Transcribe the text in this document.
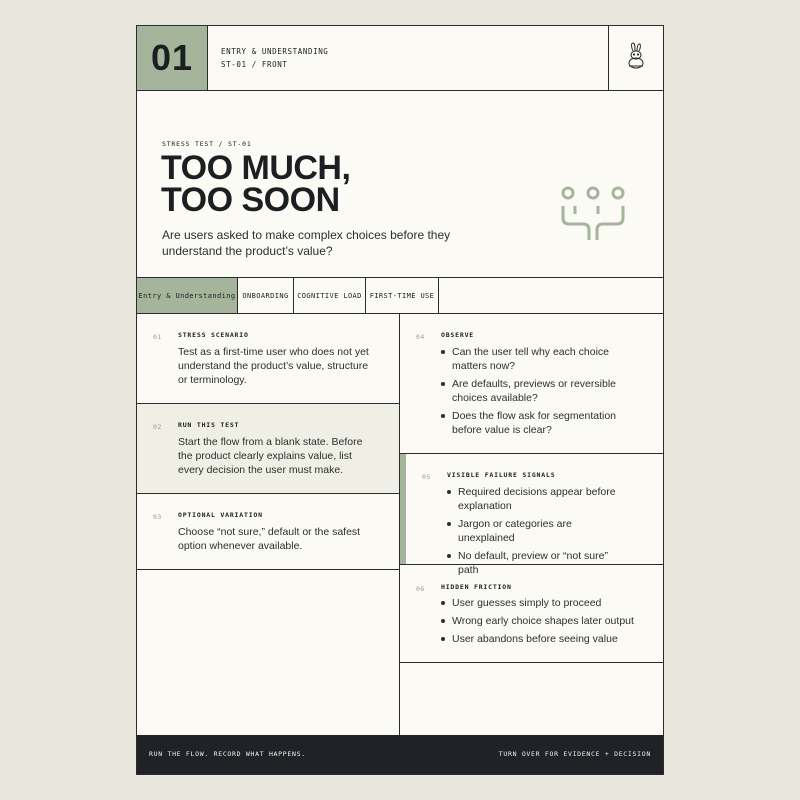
01	ENTRY & UNDERSTANDING
ST-01 / FRONT
STRESS TEST / ST-01
TOO MUCH,
TOO SOON
Are users asked to make complex choices before they understand the product’s value?
Entry & Understanding ONBOARDING	COGNITIVE LOAD	FIRST-TIME USE
01 STRESS SCENARIO
Test as a first-time user who does not yet understand the product’s value, structure or terminology.
02 RUN THIS TEST
Start the flow from a blank state. Before the product clearly explains value, list every decision the user must make.
03 OPTIONAL VARIATION
Choose “not sure,” default or the safest option whenever available.
04 OBSERVE
Can the user tell why each choice matters now?
Are defaults, previews or reversible choices available?
Does the flow ask for segmentation before value is clear?
05 VISIBLE FAILURE SIGNALS
Required decisions appear before explanation
Jargon or categories are unexplained
No default, preview or “not sure” path
06 HIDDEN FRICTION
User guesses simply to proceed
Wrong early choice shapes later output
User abandons before seeing value
RUN THE FLOW. RECORD WHAT HAPPENS.	TURN OVER FOR EVIDENCE + DECISION
